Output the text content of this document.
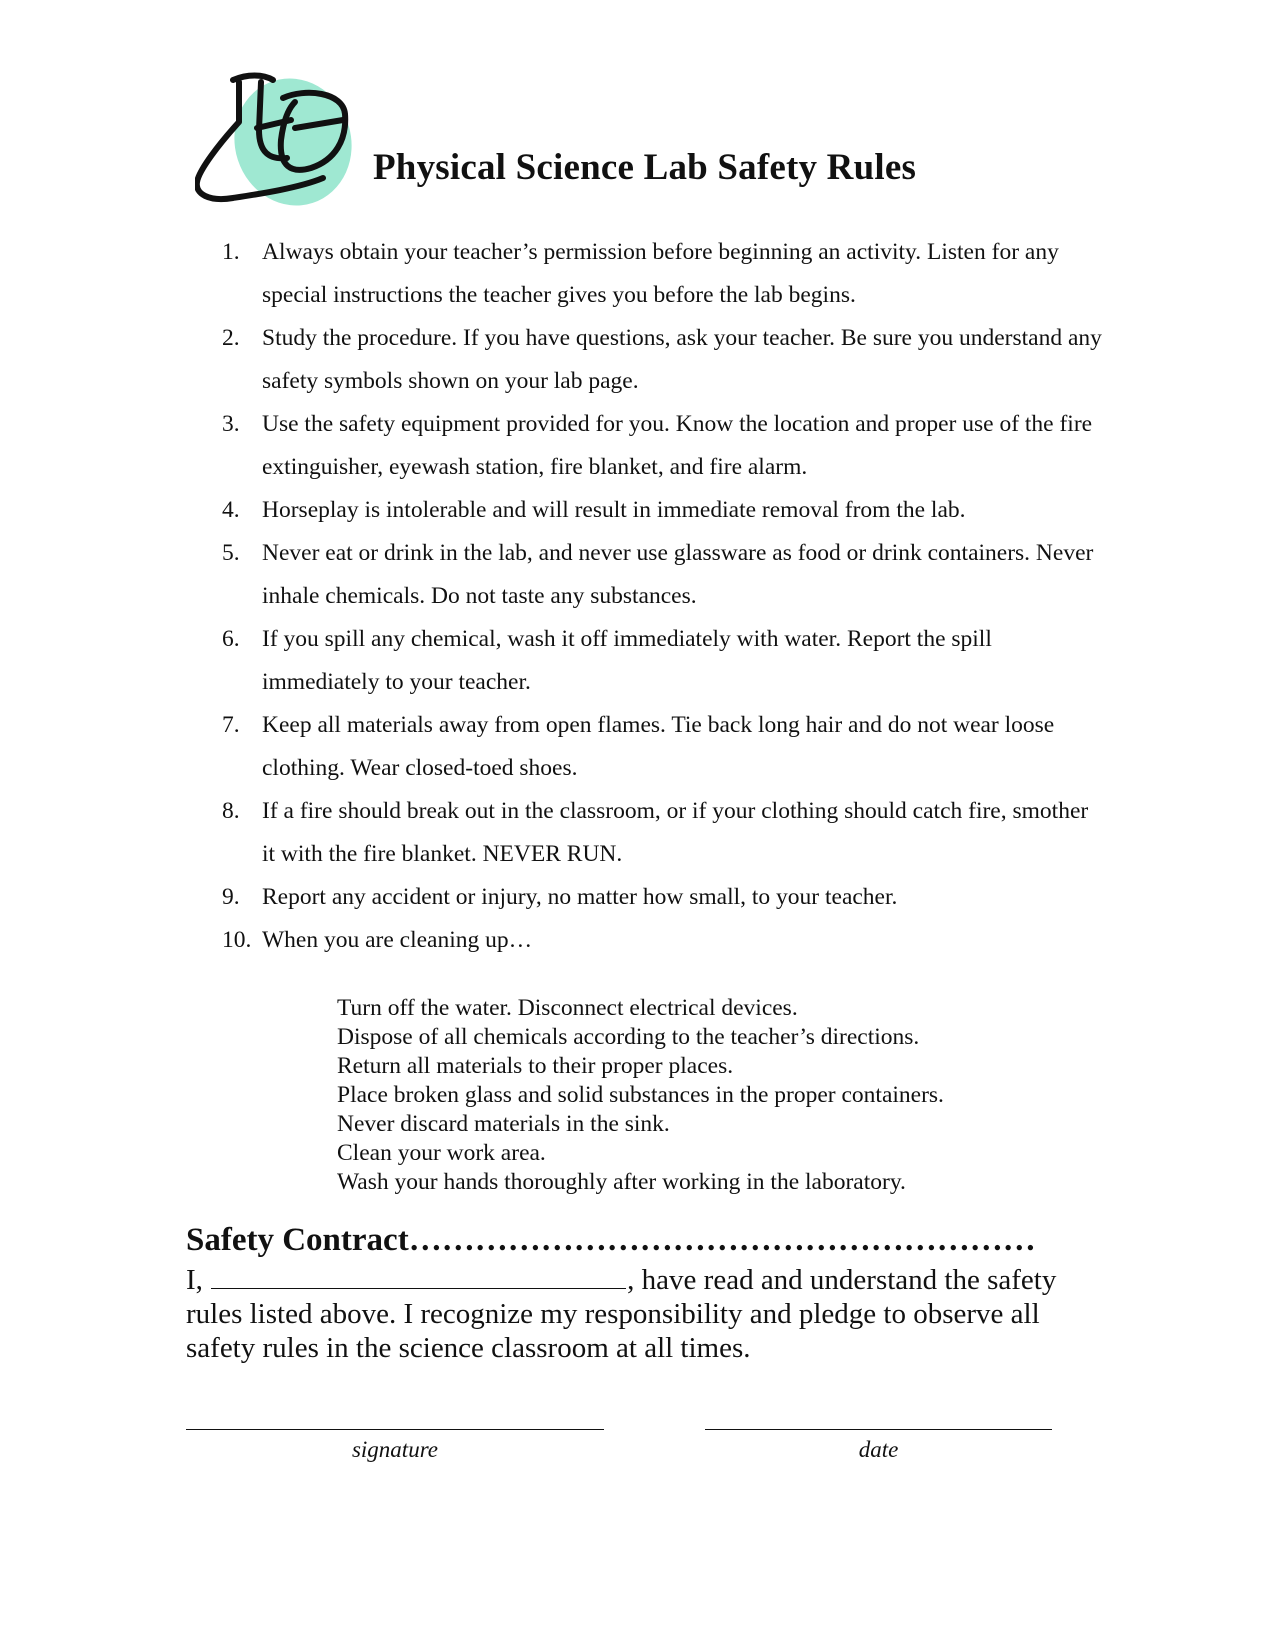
Physical Science Lab Safety Rules
1. Always obtain your teacher’s permission before beginning an activity. Listen for any special instructions the teacher gives you before the lab begins.
2. Study the procedure. If you have questions, ask your teacher. Be sure you understand any safety symbols shown on your lab page.
3. Use the safety equipment provided for you. Know the location and proper use of the fire extinguisher, eyewash station, fire blanket, and fire alarm.
4. Horseplay is intolerable and will result in immediate removal from the lab.
5. Never eat or drink in the lab, and never use glassware as food or drink containers. Never inhale chemicals. Do not taste any substances.
6. If you spill any chemical, wash it off immediately with water. Report the spill immediately to your teacher.
7. Keep all materials away from open flames. Tie back long hair and do not wear loose clothing. Wear closed-toed shoes.
8. If a fire should break out in the classroom, or if your clothing should catch fire, smother it with the fire blanket. NEVER RUN.
9. Report any accident or injury, no matter how small, to your teacher.
10. When you are cleaning up…
Turn off the water. Disconnect electrical devices.
Dispose of all chemicals according to the teacher’s directions.
Return all materials to their proper places.
Place broken glass and solid substances in the proper containers.
Never discard materials in the sink.
Clean your work area.
Wash your hands thoroughly after working in the laboratory.
Safety Contract…………………………………………………
I,	, have read and understand the safety rules listed above. I recognize my responsibility and pledge to observe all safety rules in the science classroom at all times.
signature	date
